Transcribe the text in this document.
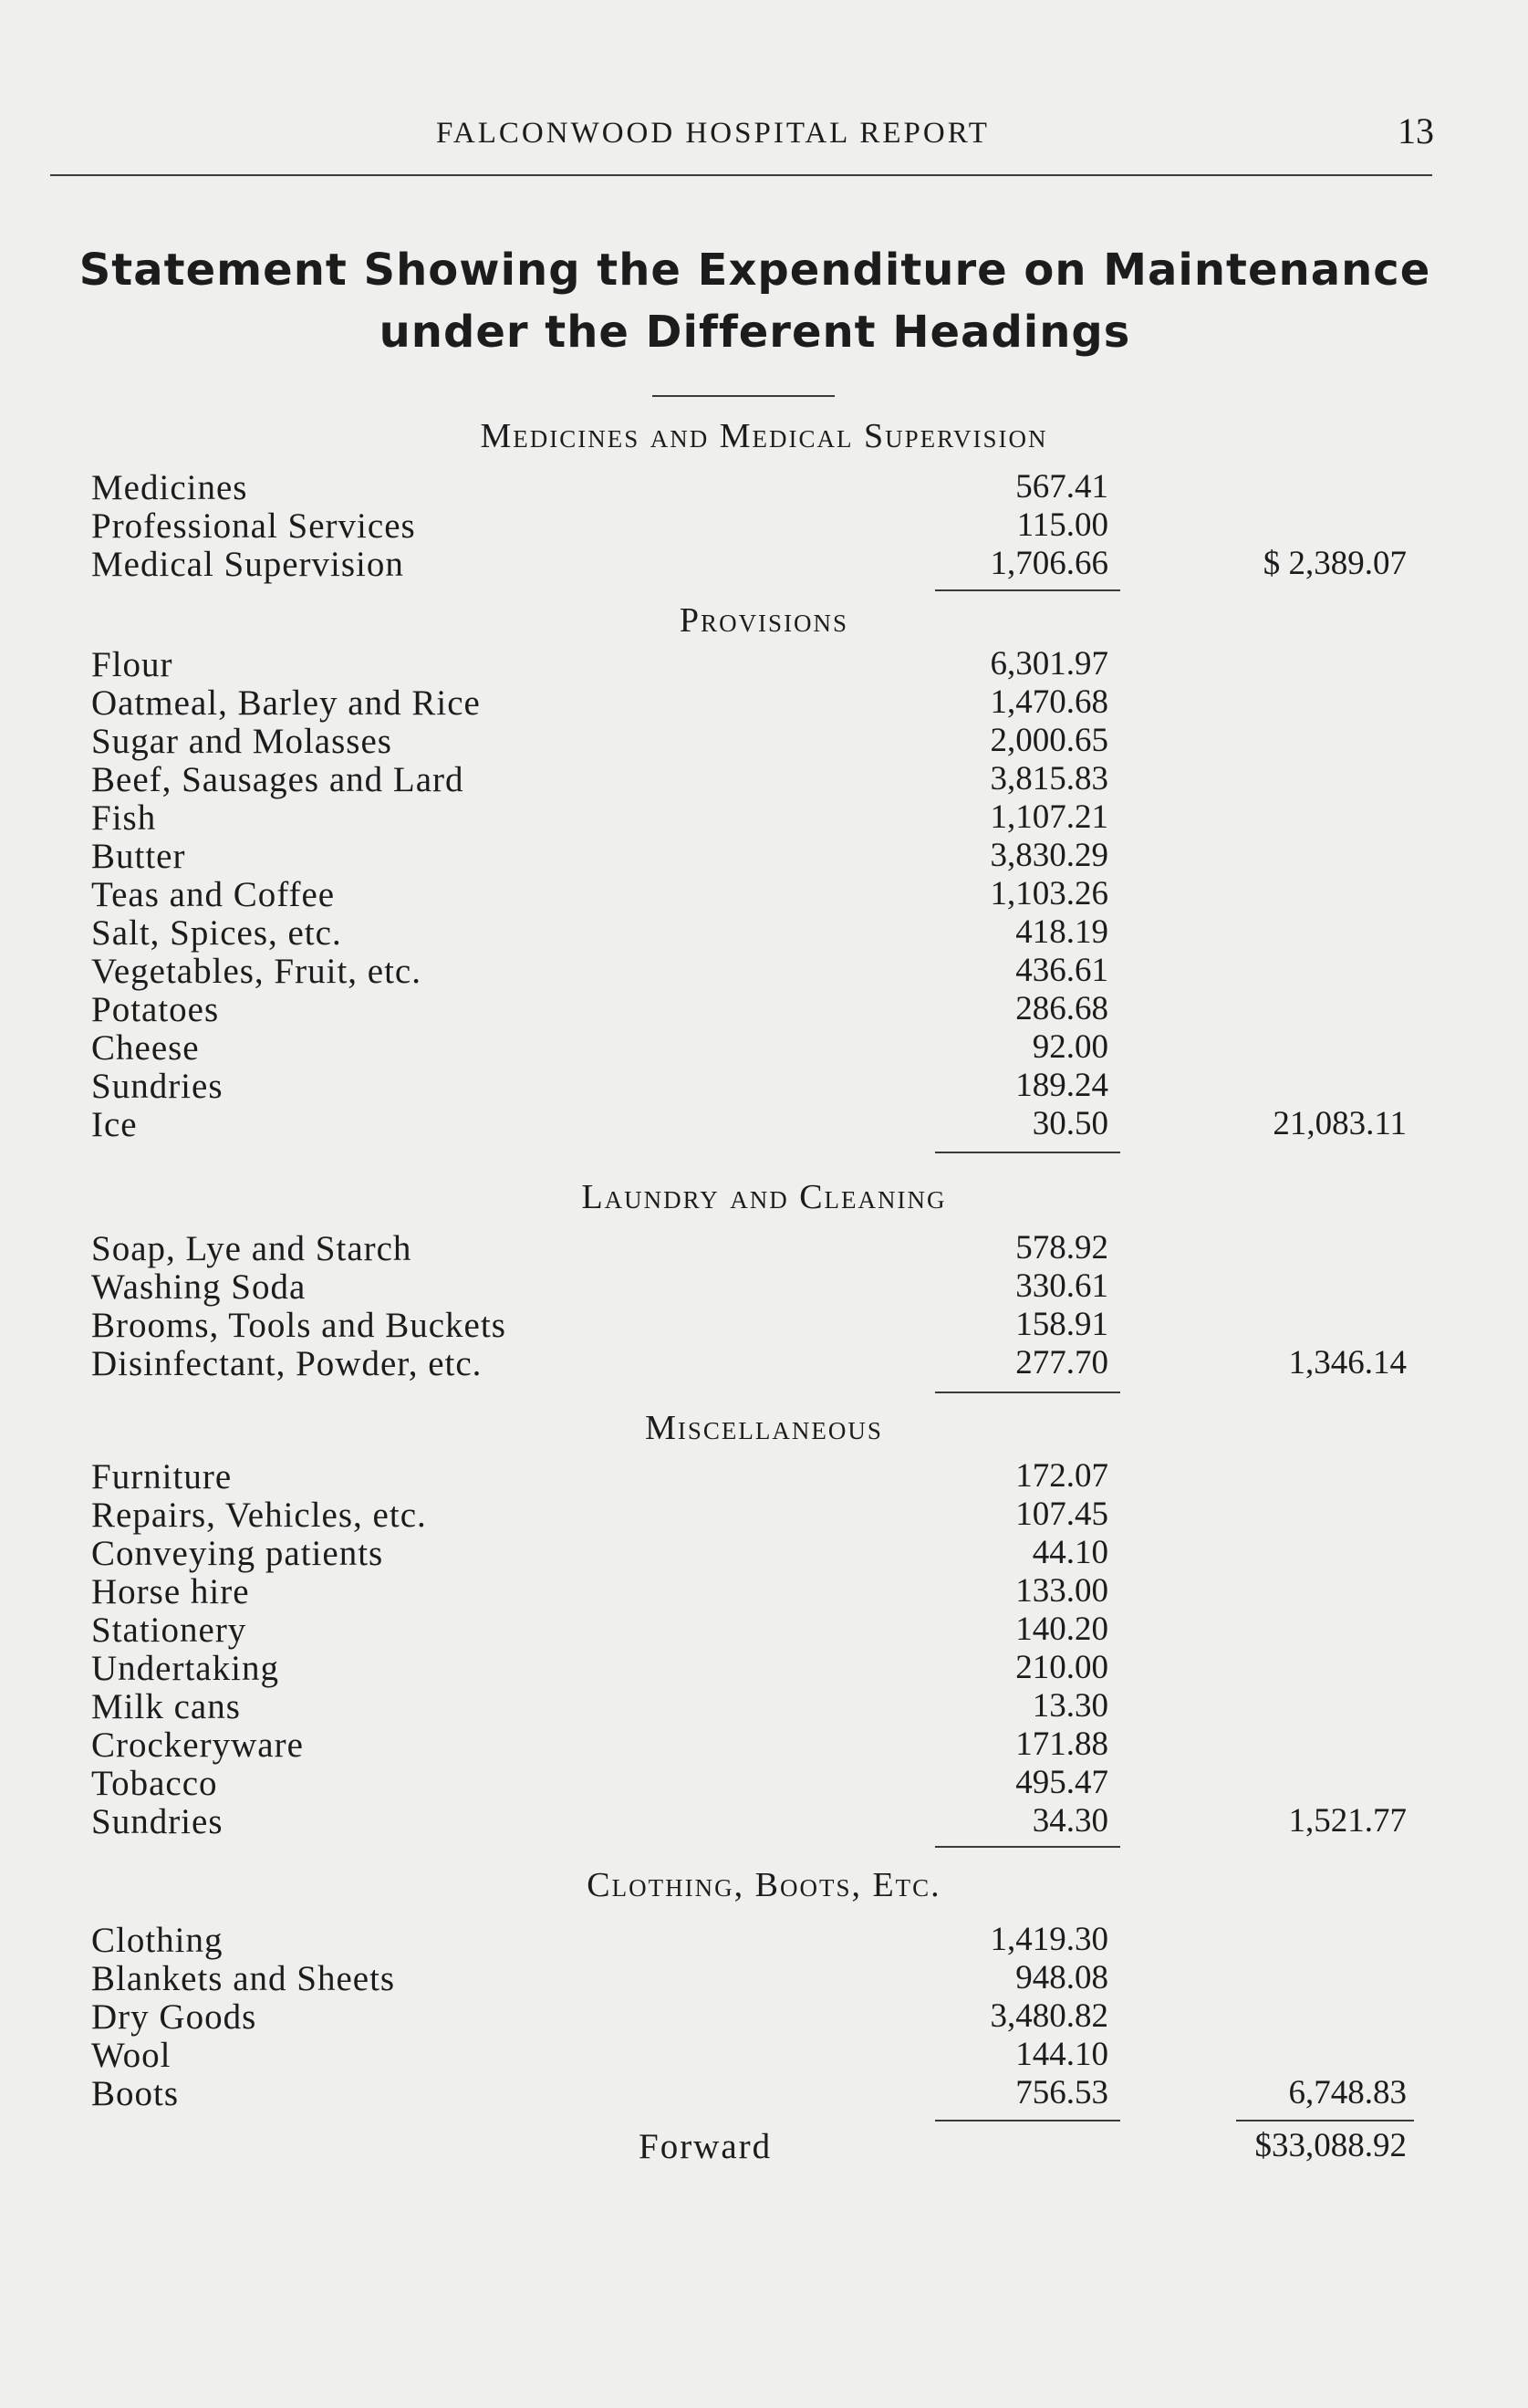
FALCONWOOD HOSPITAL REPORT	13
Statement Showing the Expenditure on Maintenance
under the Different Headings
Medicines and Medical Supervision
Medicines	567.41
Professional Services	115.00
Medical Supervision	1,706.66	$ 2,389.07
Provisions
Flour	6,301.97
Oatmeal, Barley and Rice	1,470.68
Sugar and Molasses	2,000.65
Beef, Sausages and Lard	3,815.83
Fish	1,107.21
Butter	3,830.29
Teas and Coffee	1,103.26
Salt, Spices, etc.	418.19
Vegetables, Fruit, etc.	436.61
Potatoes	286.68
Cheese	92.00
Sundries	189.24
Ice	30.50	21,083.11
Laundry and Cleaning
Soap, Lye and Starch	578.92
Washing Soda	330.61
Brooms, Tools and Buckets	158.91
Disinfectant, Powder, etc.	277.70	1,346.14
Miscellaneous
Furniture	172.07
Repairs, Vehicles, etc.	107.45
Conveying patients	44.10
Horse hire	133.00
Stationery	140.20
Undertaking	210.00
Milk cans	13.30
Crockeryware	171.88
Tobacco	495.47
Sundries	34.30	1,521.77
Clothing, Boots, Etc.
Clothing	1,419.30
Blankets and Sheets	948.08
Dry Goods	3,480.82
Wool	144.10
Boots	756.53	6,748.83
Forward	$33,088.92
